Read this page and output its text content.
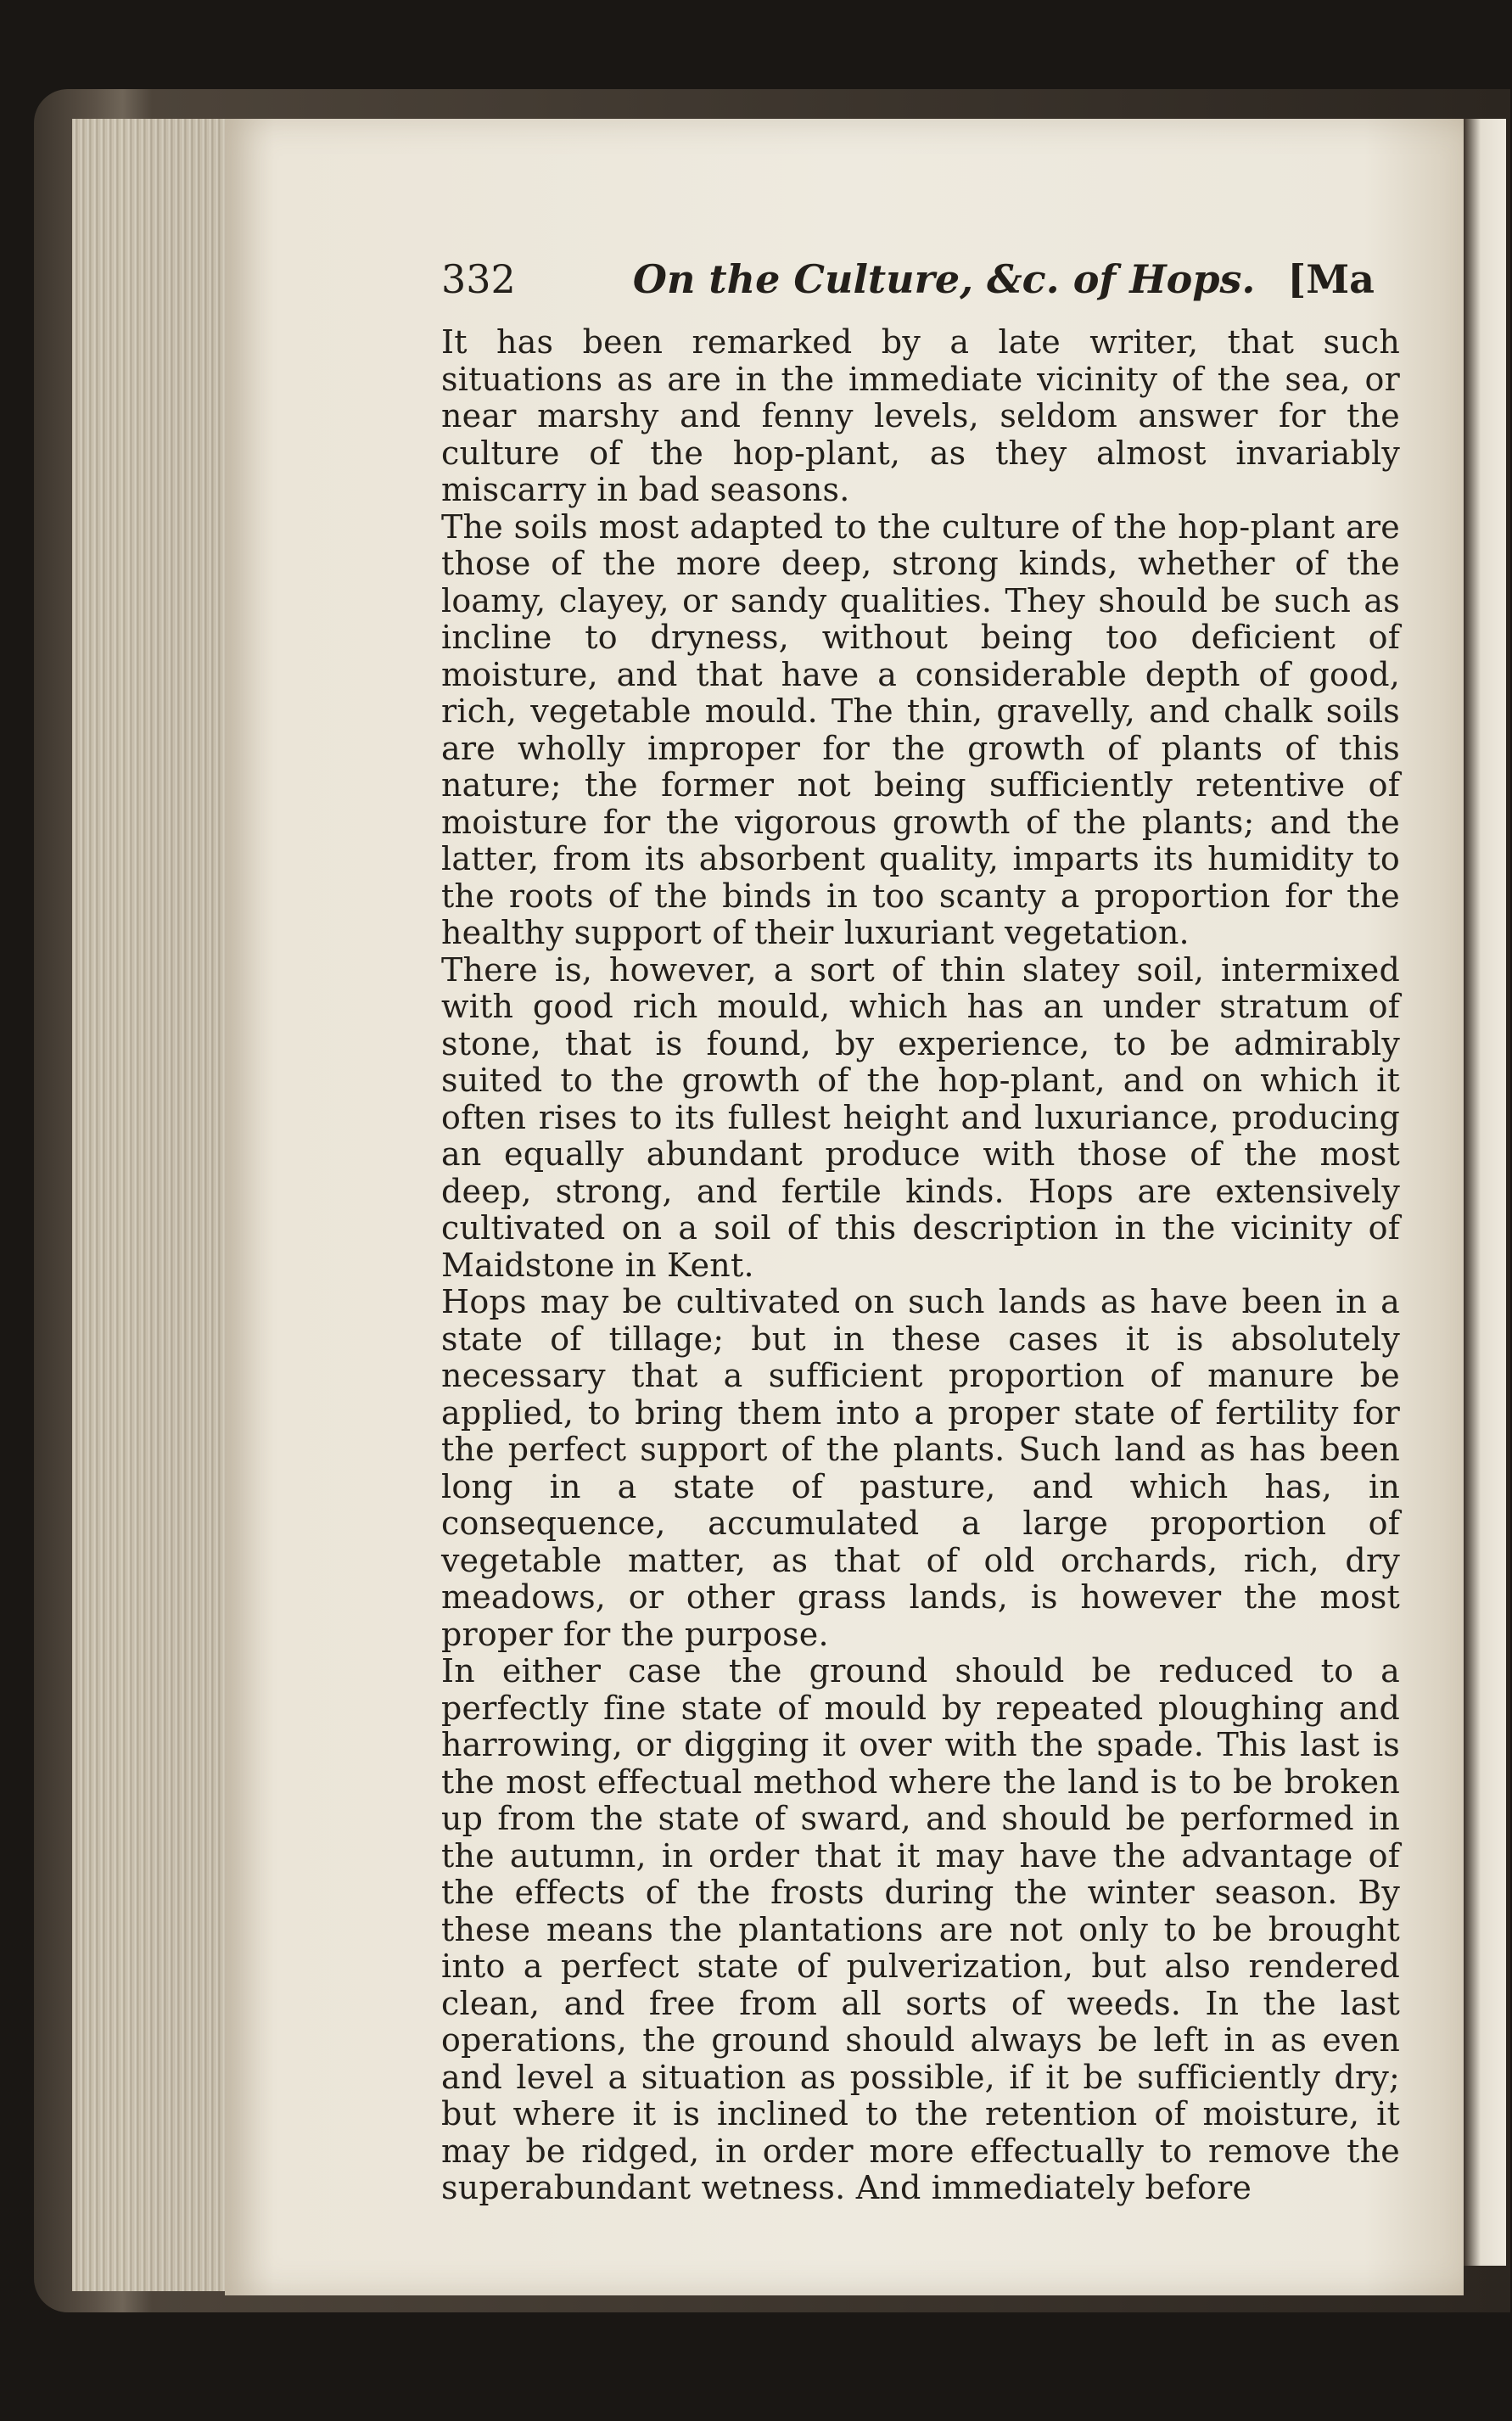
332	On the Culture, &c. of Hops. [Ma

It has been remarked by a late writer, that such situations as are in the immediate vicinity of the sea, or near marshy and fenny levels, seldom answer for the culture of the hop-plant, as they almost invariably miscarry in bad seasons.

The soils most adapted to the culture of the hop-plant are those of the more deep, strong kinds, whether of the loamy, clayey, or sandy qualities. They should be such as incline to dryness, without being too deficient of moisture, and that have a considerable depth of good, rich, vegetable mould. The thin, gravelly, and chalk soils are wholly improper for the growth of plants of this nature; the former not being sufficiently retentive of moisture for the vigorous growth of the plants; and the latter, from its absorbent quality, imparts its humidity to the roots of the binds in too scanty a proportion for the healthy support of their luxuriant vegetation.

There is, however, a sort of thin slatey soil, intermixed with good rich mould, which has an under stratum of stone, that is found, by experience, to be admirably suited to the growth of the hop-plant, and on which it often rises to its fullest height and luxuriance, producing an equally abundant produce with those of the most deep, strong, and fertile kinds. Hops are extensively cultivated on a soil of this description in the vicinity of Maidstone in Kent.

Hops may be cultivated on such lands as have been in a state of tillage; but in these cases it is absolutely necessary that a sufficient proportion of manure be applied, to bring them into a proper state of fertility for the perfect support of the plants. Such land as has been long in a state of pasture, and which has, in consequence, accumulated a large proportion of vegetable matter, as that of old orchards, rich, dry meadows, or other grass lands, is however the most proper for the purpose.

In either case the ground should be reduced to a perfectly fine state of mould by repeated ploughing and harrowing, or digging it over with the spade. This last is the most effectual method where the land is to be broken up from the state of sward, and should be performed in the autumn, in order that it may have the advantage of the effects of the frosts during the winter season. By these means the plantations are not only to be brought into a perfect state of pulverization, but also rendered clean, and free from all sorts of weeds. In the last operations, the ground should always be left in as even and level a situation as possible, if it be sufficiently dry; but where it is inclined to the retention of moisture, it may be ridged, in order more effectually to remove the superabundant wetness. And immediately before
